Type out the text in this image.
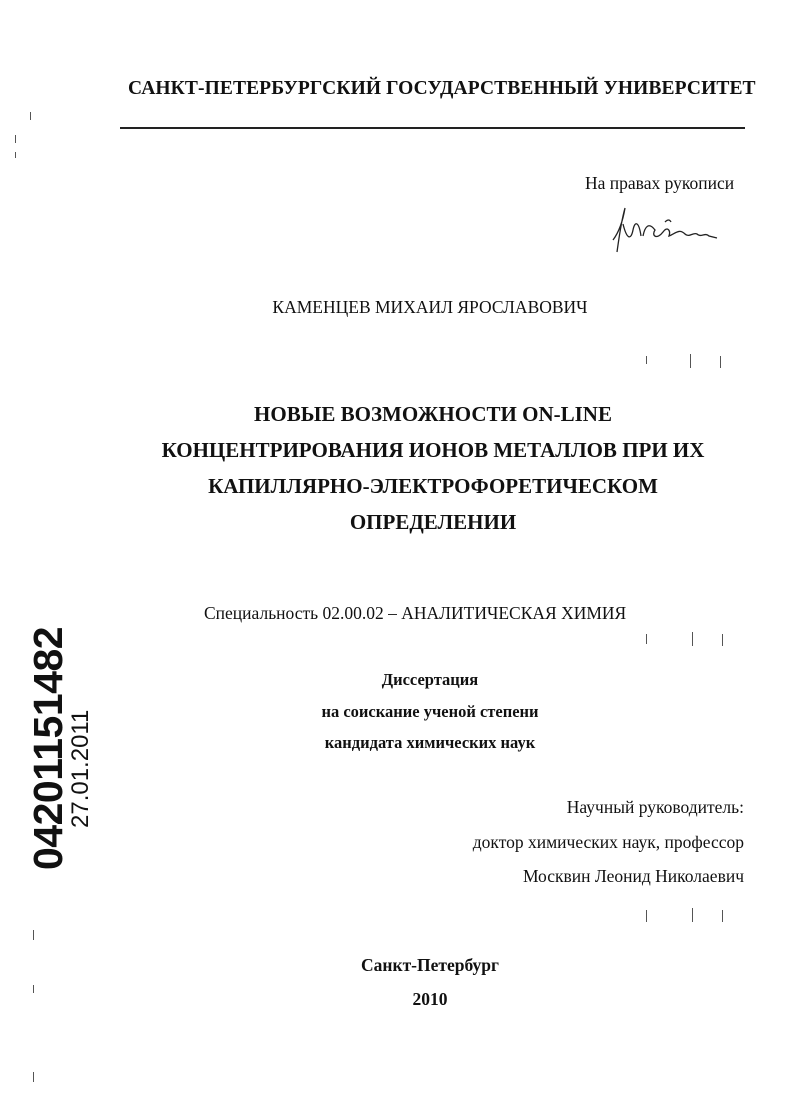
САНКТ-ПЕТЕРБУРГСКИЙ ГОСУДАРСТВЕННЫЙ УНИВЕРСИТЕТ
На правах рукописи
КАМЕНЦЕВ МИХАИЛ ЯРОСЛАВОВИЧ
НОВЫЕ ВОЗМОЖНОСТИ ON-LINE
КОНЦЕНТРИРОВАНИЯ ИОНОВ МЕТАЛЛОВ ПРИ ИХ
КАПИЛЛЯРНО-ЭЛЕКТРОФОРЕТИЧЕСКОМ
ОПРЕДЕЛЕНИИ
Специальность 02.00.02 – АНАЛИТИЧЕСКАЯ ХИМИЯ
Диссертация
на соискание ученой степени
кандидата химических наук
Научный руководитель:
доктор химических наук, профессор
Москвин Леонид Николаевич
Санкт-Петербург
2010
04201151482
27.01.2011
